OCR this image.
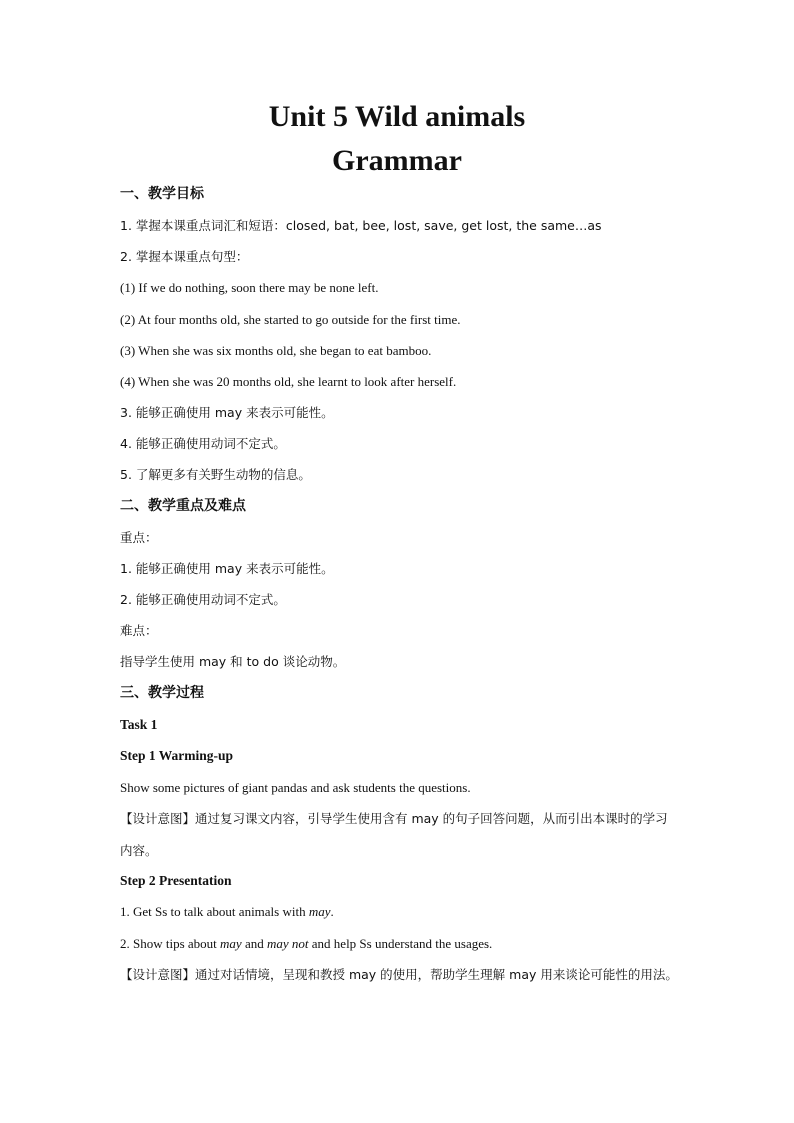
Unit 5 Wild animals
Grammar
一、教学目标
1. 掌握本课重点词汇和短语：closed, bat, bee, lost, save, get lost, the same…as
2. 掌握本课重点句型：
(1) If we do nothing, soon there may be none left.
(2) At four months old, she started to go outside for the first time.
(3) When she was six months old, she began to eat bamboo.
(4) When she was 20 months old, she learnt to look after herself.
3. 能够正确使用 may 来表示可能性。
4. 能够正确使用动词不定式。
5. 了解更多有关野生动物的信息。
二、教学重点及难点
重点：
1. 能够正确使用 may 来表示可能性。
2. 能够正确使用动词不定式。
难点：
指导学生使用 may 和 to do 谈论动物。
三、教学过程
Task 1
Step 1 Warming-up
Show some pictures of giant pandas and ask students the questions.
【设计意图】通过复习课文内容，引导学生使用含有 may 的句子回答问题，从而引出本课时的学习内容。
Step 2 Presentation
1. Get Ss to talk about animals with may.
2. Show tips about may and may not and help Ss understand the usages.
【设计意图】通过对话情境，呈现和教授 may 的使用，帮助学生理解 may 用来谈论可能性的用法。
